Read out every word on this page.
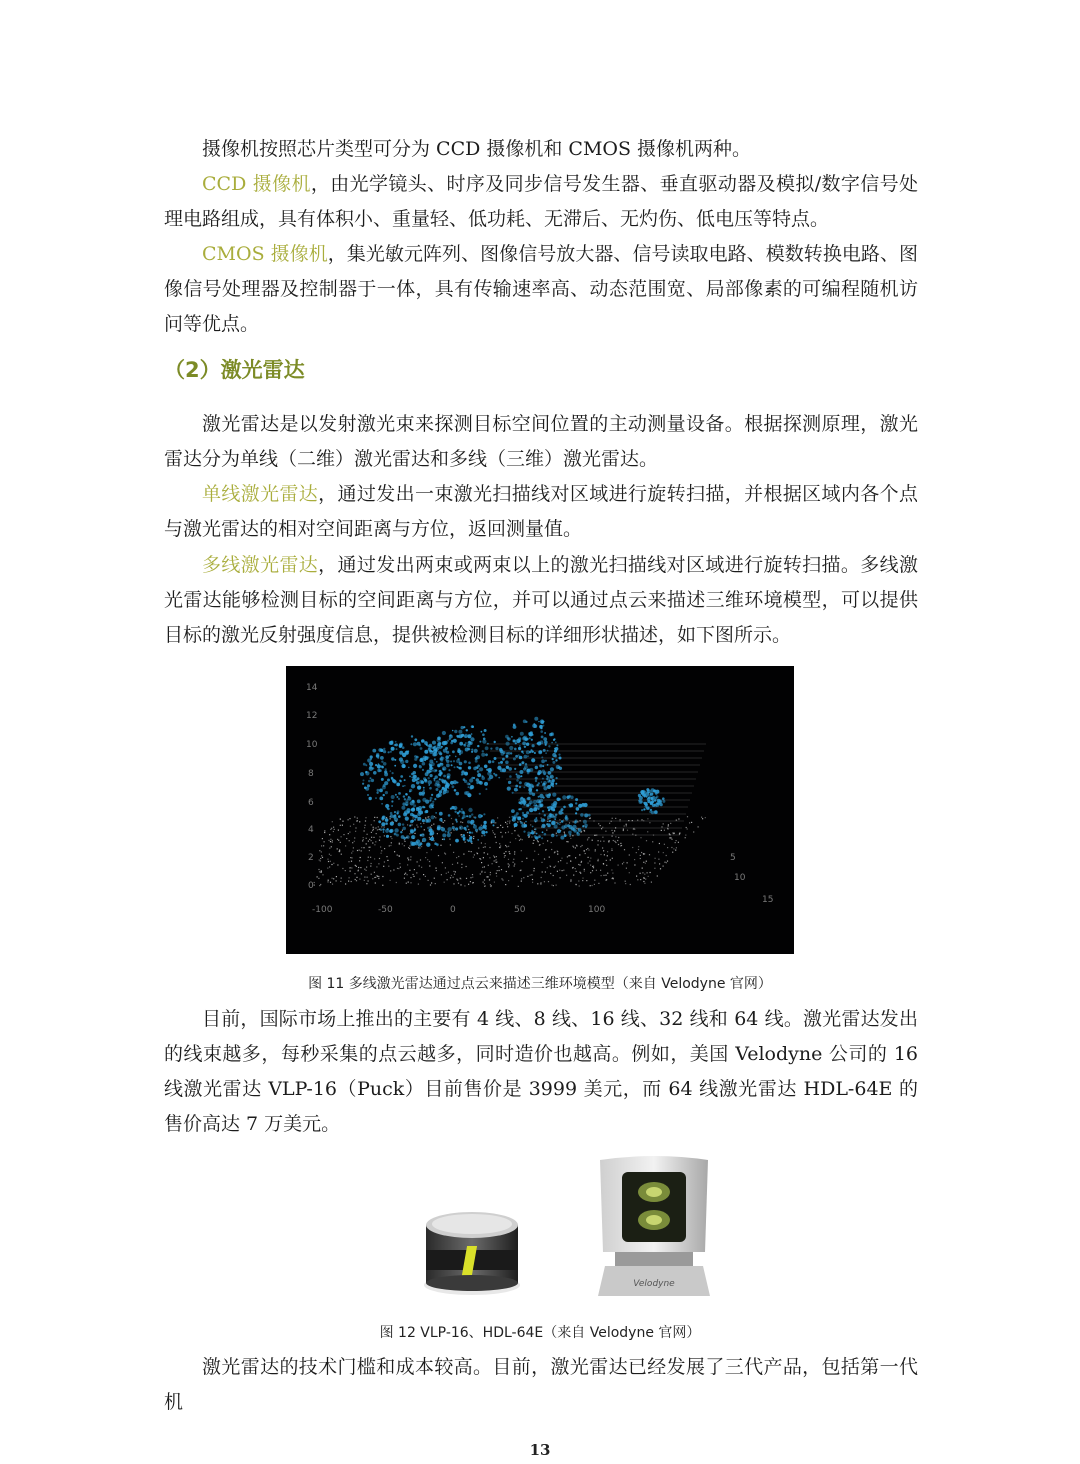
摄像机按照芯片类型可分为 CCD 摄像机和 CMOS 摄像机两种。

CCD 摄像机，由光学镜头、时序及同步信号发生器、垂直驱动器及模拟/数字信号处理电路组成，具有体积小、重量轻、低功耗、无滞后、无灼伤、低电压等特点。

CMOS 摄像机，集光敏元阵列、图像信号放大器、信号读取电路、模数转换电路、图像信号处理器及控制器于一体，具有传输速率高、动态范围宽、局部像素的可编程随机访问等优点。

（2）激光雷达

激光雷达是以发射激光束来探测目标空间位置的主动测量设备。根据探测原理，激光雷达分为单线（二维）激光雷达和多线（三维）激光雷达。

单线激光雷达，通过发出一束激光扫描线对区域进行旋转扫描，并根据区域内各个点与激光雷达的相对空间距离与方位，返回测量值。

多线激光雷达，通过发出两束或两束以上的激光扫描线对区域进行旋转扫描。多线激光雷达能够检测目标的空间距离与方位，并可以通过点云来描述三维环境模型，可以提供目标的激光反射强度信息，提供被检测目标的详细形状描述，如下图所示。

14
12
10
8
6
4
2
0
-100	-50	0	50	100
5
10
15
图 11 多线激光雷达通过点云来描述三维环境模型（来自 Velodyne 官网）

目前，国际市场上推出的主要有 4 线、8 线、16 线、32 线和 64 线。激光雷达发出的线束越多，每秒采集的点云越多，同时造价也越高。例如，美国 Velodyne 公司的 16 线激光雷达 VLP-16（Puck）目前售价是 3999 美元，而 64 线激光雷达 HDL-64E 的售价高达 7 万美元。

Velodyne
图 12 VLP-16、HDL-64E（来自 Velodyne 官网）

激光雷达的技术门槛和成本较高。目前，激光雷达已经发展了三代产品，包括第一代机

13
